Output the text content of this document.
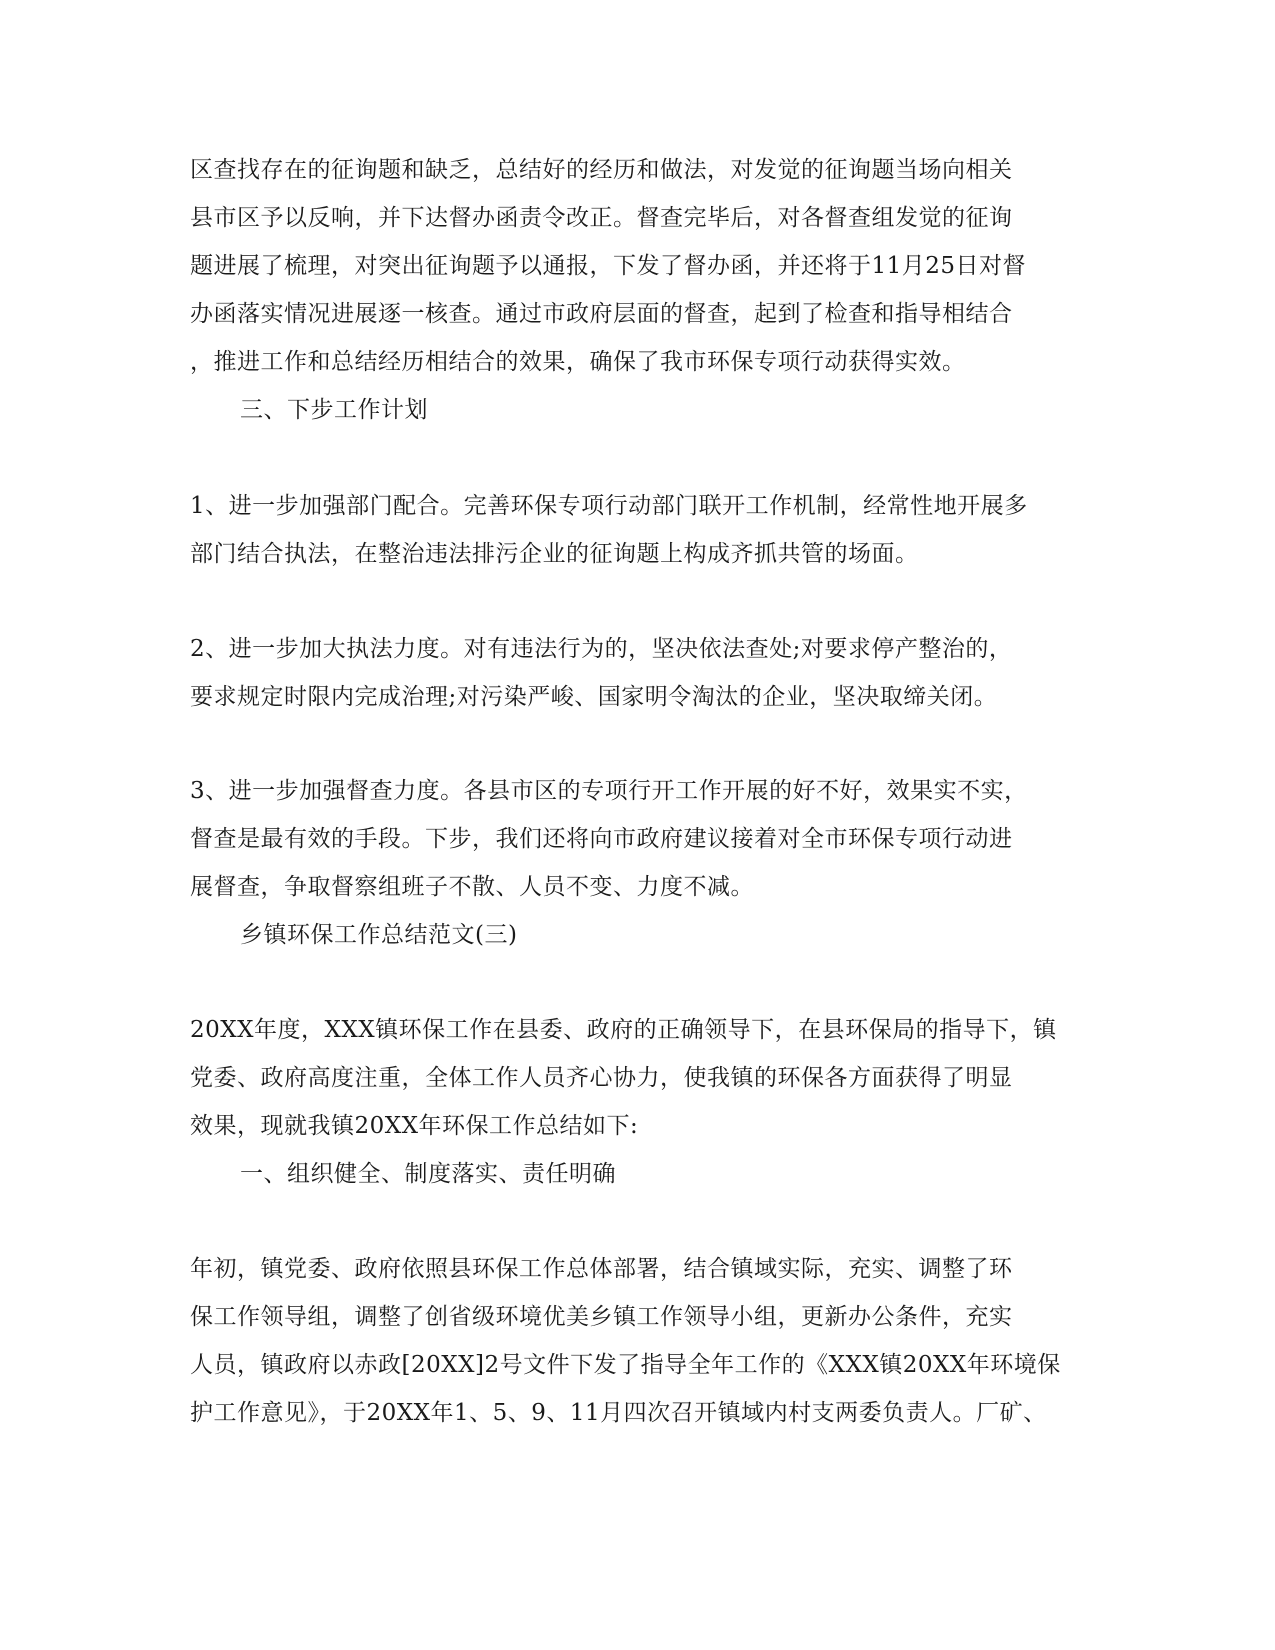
区查找存在的征询题和缺乏，总结好的经历和做法，对发觉的征询题当场向相关

县市区予以反响，并下达督办函责令改正。督查完毕后，对各督查组发觉的征询

题进展了梳理，对突出征询题予以通报，下发了督办函，并还将于11月25日对督

办函落实情况进展逐一核查。通过市政府层面的督查，起到了检查和指导相结合

，推进工作和总结经历相结合的效果，确保了我市环保专项行动获得实效。

三、下步工作计划

1、进一步加强部门配合。完善环保专项行动部门联开工作机制，经常性地开展多

部门结合执法，在整治违法排污企业的征询题上构成齐抓共管的场面。

2、进一步加大执法力度。对有违法行为的，坚决依法查处;对要求停产整治的，

要求规定时限内完成治理;对污染严峻、国家明令淘汰的企业，坚决取缔关闭。

3、进一步加强督查力度。各县市区的专项行开工作开展的好不好，效果实不实，

督查是最有效的手段。下步，我们还将向市政府建议接着对全市环保专项行动进

展督查，争取督察组班子不散、人员不变、力度不减。

乡镇环保工作总结范文(三)

20XX年度，XXX镇环保工作在县委、政府的正确领导下，在县环保局的指导下，镇

党委、政府高度注重，全体工作人员齐心协力，使我镇的环保各方面获得了明显

效果，现就我镇20XX年环保工作总结如下:

一、组织健全、制度落实、责任明确

年初，镇党委、政府依照县环保工作总体部署，结合镇域实际，充实、调整了环

保工作领导组，调整了创省级环境优美乡镇工作领导小组，更新办公条件，充实

人员，镇政府以赤政[20XX]2号文件下发了指导全年工作的《XXX镇20XX年环境保

护工作意见》，于20XX年1、5、9、11月四次召开镇域内村支两委负责人。厂矿、
